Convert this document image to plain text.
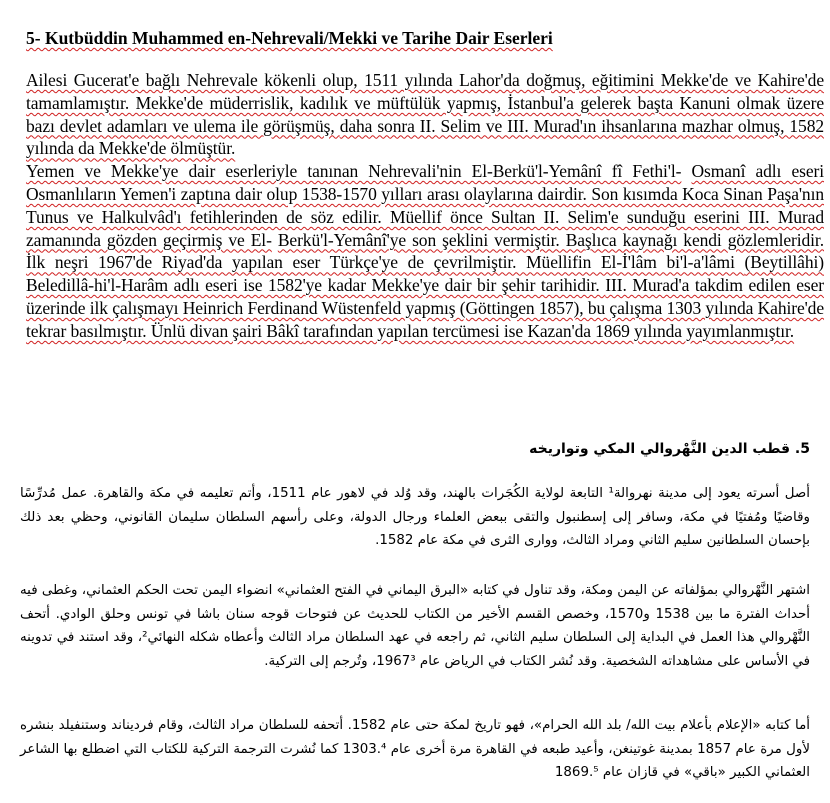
5- Kutbüddin Muhammed en-Nehrevali/Mekki ve Tarihe Dair Eserleri

Ailesi Gucerat'e bağlı Nehrevale kökenli olup, 1511 yılında Lahor'da doğmuş, eğitimini Mekke'de ve Kahire'de tamamlamıştır. Mekke'de müderrislik, kadılık ve müftülük yapmış, İstanbul'a gelerek başta Kanuni olmak üzere bazı devlet adamları ve ulema ile görüşmüş, daha sonra II. Selim ve III. Murad'ın ihsanlarına mazhar olmuş, 1582 yılında da Mekke'de ölmüştür.

Yemen ve Mekke'ye dair eserleriyle tanınan Nehrevali'nin El-Berkü'l-Yemânî fî Fethi'l- Osmanî adlı eseri Osmanlıların Yemen'i zaptına dair olup 1538-1570 yılları arası olaylarına dairdir. Son kısımda Koca Sinan Paşa'nın Tunus ve Halkulvâd'ı fetihlerinden de söz edilir. Müellif önce Sultan II. Selim'e sunduğu eserini III. Murad zamanında gözden geçirmiş ve El- Berkü'l-Yemânî'ye son şeklini vermiştir. Başlıca kaynağı kendi gözlemleridir. İlk neşri 1967'de Riyad'da yapılan eser Türkçe'ye de çevrilmiştir. Müellifin El-İ'lâm bi'l-a'lâmi (Beytillâhi) Beledillâ-hi'l-Harâm adlı eseri ise 1582'ye kadar Mekke'ye dair bir şehir tarihidir. III. Murad'a takdim edilen eser üzerinde ilk çalışmayı Heinrich Ferdinand Wüstenfeld yapmış (Göttingen 1857), bu çalışma 1303 yılında Kahire'de tekrar basılmıştır. Ünlü divan şairi Bâkî tarafından yapılan tercümesi ise Kazan'da 1869 yılında yayımlanmıştır.

5. قطب الدين النَّهْروالي المكي وتواريخه

أصل أسرته يعود إلى مدينة نهروالة¹ التابعة لولاية الكُجَرات بالهند، وقد وُلد في لاهور عام 1511، وأتم تعليمه في مكة والقاهرة. عمل مُدرِّسًا وقاضيًا ومُفتيًا في مكة، وسافر إلى إسطنبول والتقى ببعض العلماء ورجال الدولة، وعلى رأسهم السلطان سليمان القانوني، وحظي بعد ذلك بإحسان السلطانين سليم الثاني ومراد الثالث، ووارى الثرى في مكة عام 1582.

اشتهر النَّهْروالي بمؤلفاته عن اليمن ومكة، وقد تناول في كتابه «البرق اليماني في الفتح العثماني» انضواء اليمن تحت الحكم العثماني، وغطى فيه أحداث الفترة ما بين 1538 و1570، وخصص القسم الأخير من الكتاب للحديث عن فتوحات قوجه سنان باشا في تونس وحلق الوادي. أتحف النَّهْروالي هذا العمل في البداية إلى السلطان سليم الثاني، ثم راجعه في عهد السلطان مراد الثالث وأعطاه شكله النهائي²، وقد استند في تدوينه في الأساس على مشاهداته الشخصية. وقد نُشر الكتاب في الرياض عام 1967³، وتُرجم إلى التركية.

أما كتابه «الإعلام بأعلام بيت الله/ بلد الله الحرام»، فهو تاريخ لمكة حتى عام 1582. أتحفه للسلطان مراد الثالث، وقام فرديناند وستنفيلد بنشره لأول مرة عام 1857 بمدينة غوتينغن، وأعيد طبعه في القاهرة مرة أخرى عام 1303.⁴ كما نُشرت الترجمة التركية للكتاب التي اضطلع بها الشاعر العثماني الكبير «باقي» في قازان عام 1869.⁵
